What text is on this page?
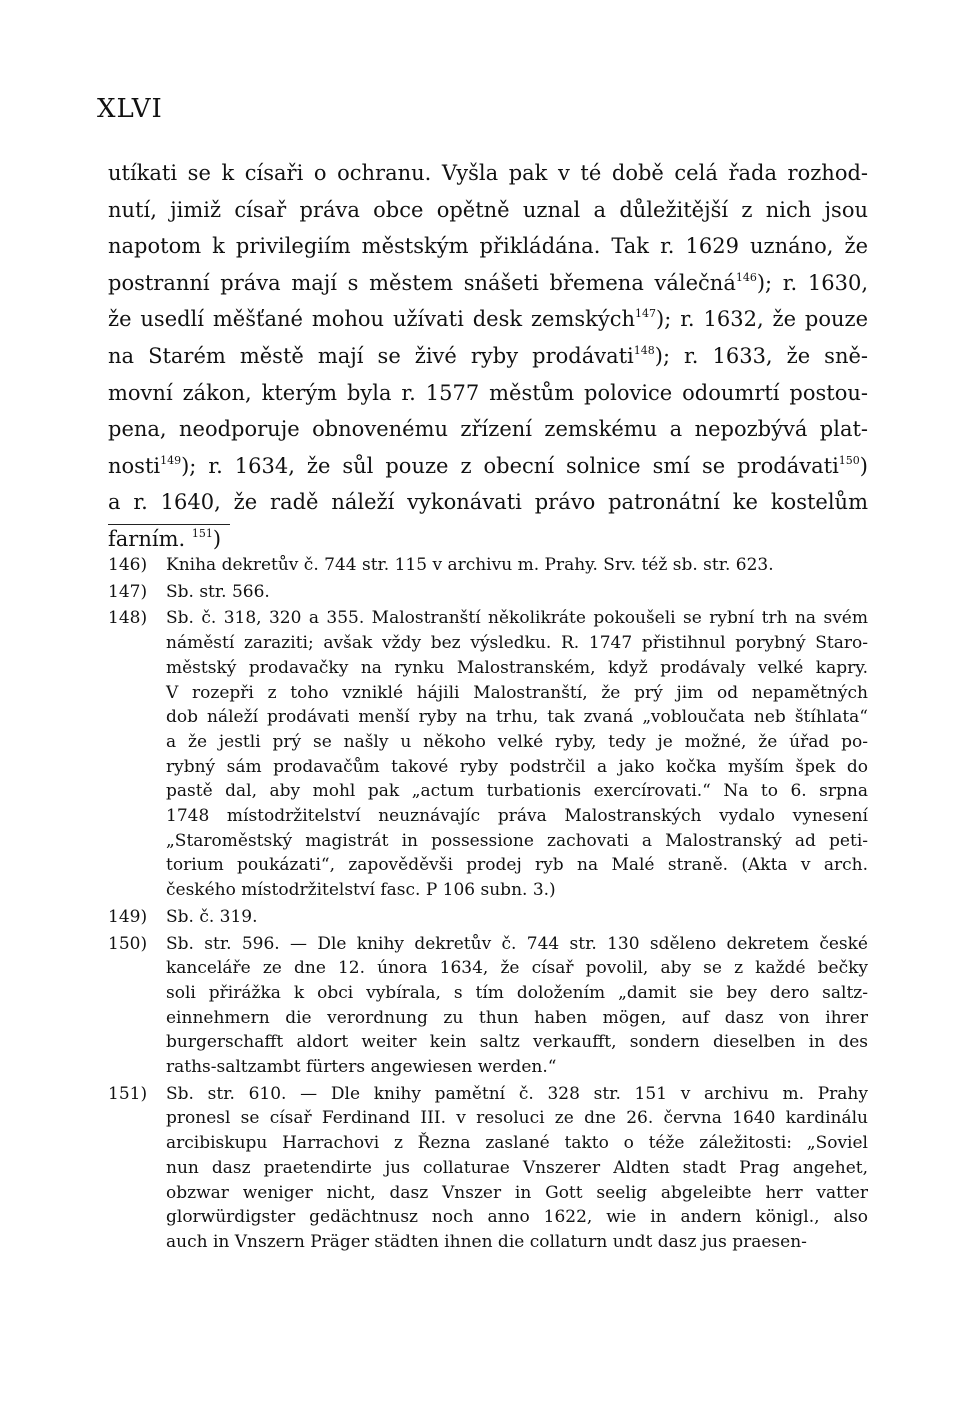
XLVI
utíkati se k císaři o ochranu. Vyšla pak v té době celá řada rozhod-
nutí, jimiž císař práva obce opětně uznal a důležitější z nich jsou
napotom k privilegiím městským přikládána. Tak r. 1629 uznáno, že
postranní práva mají s městem snášeti břemena válečná$^{146}$); r. 1630,
že usedlí měšťané mohou užívati desk zemských$^{147}$); r. 1632, že pouze
na Starém městě mají se živé ryby prodávati$^{148}$); r. 1633, že sně-
movní zákon, kterým byla r. 1577 městům polovice odoumrtí postou-
pena, neodporuje obnovenému zřízení zemskému a nepozbývá plat-
nosti$^{149}$); r. 1634, že sůl pouze z obecní solnice smí se prodávati$^{150}$)
a r. 1640, že radě náleží vykonávati právo patronátní ke kostelům
farním. $^{151}$)
146) Kniha dekretův č. 744 str. 115 v archivu m. Prahy. Srv. též sb. str. 623.
147) Sb. str. 566.
148) Sb. č. 318, 320 a 355. Malostranští několikráte pokoušeli se rybní trh na svém
náměstí zaraziti; avšak vždy bez výsledku. R. 1747 přistihnul porybný Staro-
městský prodavačky na rynku Malostranském, když prodávaly velké kapry.
V rozepři z toho vzniklé hájili Malostranští, že prý jim od nepamětných
dob náleží prodávati menší ryby na trhu, tak zvaná „vobloučata neb štíhlata“
a že jestli prý se našly u někoho velké ryby, tedy je možné, že úřad po-
rybný sám prodavačům takové ryby podstrčil a jako kočka myším špek do
pastě dal, aby mohl pak „actum turbationis exercírovati.“ Na to 6. srpna
1748 místodržitelství neuznávajíc práva Malostranských vydalo vynesení
„Staroměstský magistrát in possessione zachovati a Malostranský ad peti-
torium poukázati“, zapověděvši prodej ryb na Malé straně. (Akta v arch.
českého místodržitelství fasc. P 106 subn. 3.)
149) Sb. č. 319.
150) Sb. str. 596. — Dle knihy dekretův č. 744 str. 130 sděleno dekretem české
kanceláře ze dne 12. února 1634, že císař povolil, aby se z každé bečky
soli přirážka k obci vybírala, s tím doložením „damit sie bey dero saltz-
einnehmern die verordnung zu thun haben mögen, auf dasz von ihrer
burgerschafft aldort weiter kein saltz verkaufft, sondern dieselben in des
raths-saltzambt fürters angewiesen werden.“
151) Sb. str. 610. — Dle knihy pamětní č. 328 str. 151 v archivu m. Prahy
pronesl se císař Ferdinand III. v resoluci ze dne 26. června 1640 kardinálu
arcibiskupu Harrachovi z Řezna zaslané takto o téže záležitosti: „Soviel
nun dasz praetendirte jus collaturae Vnszerer Aldten stadt Prag angehet,
obzwar weniger nicht, dasz Vnszer in Gott seelig abgeleibte herr vatter
glorwürdigster gedächtnusz noch anno 1622, wie in andern königl., also
auch in Vnszern Präger städten ihnen die collaturn undt dasz jus praesen-
